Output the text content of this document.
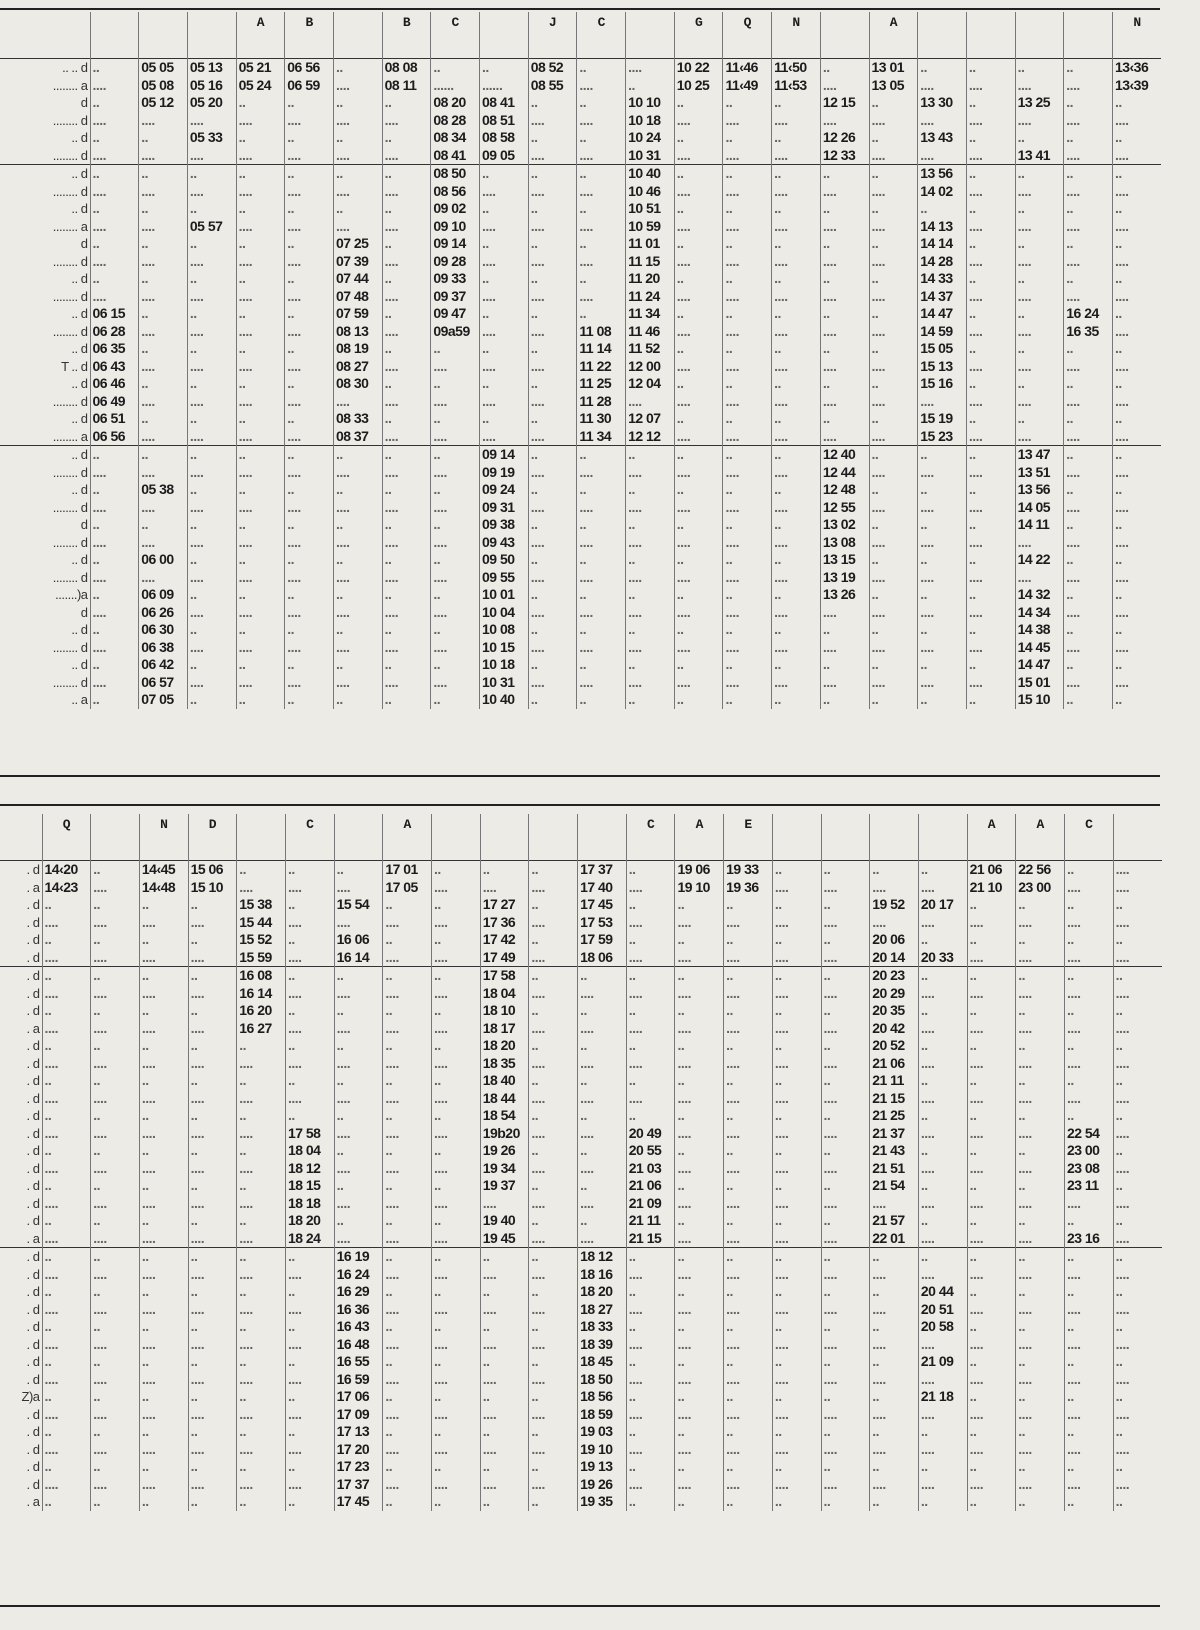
				A	B		B	C		J	C		G	Q	N		A					N
.. .. d	..	05 05	05 13	05 21	06 56	..	08 08	..	..	08 52	..	....	10 22	11‹46	11‹50	..	13 01	..	..	..	..	13‹36
........ a	....	05 08	05 16	05 24	06 59	....	08 11	......	......	08 55	....	..	10 25	11‹49	11‹53	....	13 05	....	....	....	....	13‹39
d	..	05 12	05 20	..	..	..	..	08 20	08 41	..	..	10 10	..	..	..	12 15	..	13 30	..	13 25	..	..
........ d	....	....	....	....	....	....	....	08 28	08 51	....	....	10 18	....	....	....	....	....	....	....	....	....	....
.. d	..	..	05 33	..	..	..	..	08 34	08 58	..	..	10 24	..	..	..	12 26	..	13 43	..	..	..	..
........ d	....	....	....	....	....	....	....	08 41	09 05	....	....	10 31	....	....	....	12 33	....	....	....	13 41	....	....
.. d	..	..	..	..	..	..	..	08 50	..	..	..	10 40	..	..	..	..	..	13 56	..	..	..	..
........ d	....	....	....	....	....	....	....	08 56	....	....	....	10 46	....	....	....	....	....	14 02	....	....	....	....
.. d	..	..	..	..	..	..	..	09 02	..	..	..	10 51	..	..	..	..	..	..	..	..	..	..
........ a	....	....	05 57	....	....	....	....	09 10	....	....	....	10 59	....	....	....	....	....	14 13	....	....	....	....
d	..	..	..	..	..	07 25	..	09 14	..	..	..	11 01	..	..	..	..	..	14 14	..	..	..	..
........ d	....	....	....	....	....	07 39	....	09 28	....	....	....	11 15	....	....	....	....	....	14 28	....	....	....	....
.. d	..	..	..	..	..	07 44	..	09 33	..	..	..	11 20	..	..	..	..	..	14 33	..	..	..	..
........ d	....	....	....	....	....	07 48	....	09 37	....	....	....	11 24	....	....	....	....	....	14 37	....	....	....	....
.. d	06 15	..	..	..	..	07 59	..	09 47	..	..	..	11 34	..	..	..	..	..	14 47	..	..	16 24	..
........ d	06 28	....	....	....	....	08 13	....	09a59	....	....	11 08	11 46	....	....	....	....	....	14 59	....	....	16 35	....
.. d	06 35	..	..	..	..	08 19	..	..	..	..	11 14	11 52	..	..	..	..	..	15 05	..	..	..	..
T .. d	06 43	....	....	....	....	08 27	....	....	....	....	11 22	12 00	....	....	....	....	....	15 13	....	....	....	....
.. d	06 46	..	..	..	..	08 30	..	..	..	..	11 25	12 04	..	..	..	..	..	15 16	..	..	..	..
........ d	06 49	....	....	....	....	....	....	....	....	....	11 28	....	....	....	....	....	....	....	....	....	....	....
.. d	06 51	..	..	..	..	08 33	..	..	..	..	11 30	12 07	..	..	..	..	..	15 19	..	..	..	..
........ a	06 56	....	....	....	....	08 37	....	....	....	....	11 34	12 12	....	....	....	....	....	15 23	....	....	....	....
.. d	..	..	..	..	..	..	..	..	09 14	..	..	..	..	..	..	12 40	..	..	..	13 47	..	..
........ d	....	....	....	....	....	....	....	....	09 19	....	....	....	....	....	....	12 44	....	....	....	13 51	....	....
.. d	..	05 38	..	..	..	..	..	..	09 24	..	..	..	..	..	..	12 48	..	..	..	13 56	..	..
........ d	....	....	....	....	....	....	....	....	09 31	....	....	....	....	....	....	12 55	....	....	....	14 05	....	....
d	..	..	..	..	..	..	..	..	09 38	..	..	..	..	..	..	13 02	..	..	..	14 11	..	..
........ d	....	....	....	....	....	....	....	....	09 43	....	....	....	....	....	....	13 08	....	....	....	....	....	....
.. d	..	06 00	..	..	..	..	..	..	09 50	..	..	..	..	..	..	13 15	..	..	..	14 22	..	..
........ d	....	....	....	....	....	....	....	....	09 55	....	....	....	....	....	....	13 19	....	....	....	....	....	....
.......)a	..	06 09	..	..	..	..	..	..	10 01	..	..	..	..	..	..	13 26	..	..	..	14 32	..	..
d	....	06 26	....	....	....	....	....	....	10 04	....	....	....	....	....	....	....	....	....	....	14 34	....	....
.. d	..	06 30	..	..	..	..	..	..	10 08	..	..	..	..	..	..	..	..	..	..	14 38	..	..
........ d	....	06 38	....	....	....	....	....	....	10 15	....	....	....	....	....	....	....	....	....	....	14 45	....	....
.. d	..	06 42	..	..	..	..	..	..	10 18	..	..	..	..	..	..	..	..	..	..	14 47	..	..
........ d	....	06 57	....	....	....	....	....	....	10 31	....	....	....	....	....	....	....	....	....	....	15 01	....	....
.. a	..	07 05	..	..	..	..	..	..	10 40	..	..	..	..	..	..	..	..	..	..	15 10	..	..
	Q		N	D		C		A					C	A	E					A	A	C	
. d	14‹20	..	14‹45	15 06	..	..	..	17 01	..	..	..	17 37	..	19 06	19 33	..	..	..	..	21 06	22 56	..	....
. a	14‹23	....	14‹48	15 10	....	....	....	17 05	....	....	....	17 40	....	19 10	19 36	....	....	....	....	21 10	23 00	....	....
. d	..	..	..	..	15 38	..	15 54	..	..	17 27	..	17 45	..	..	..	..	..	19 52	20 17	..	..	..	..
. d	....	....	....	....	15 44	....	....	....	....	17 36	....	17 53	....	....	....	....	....	....	....	....	....	....	....
. d	..	..	..	..	15 52	..	16 06	..	..	17 42	..	17 59	..	..	..	..	..	20 06	..	..	..	..	..
. d	....	....	....	....	15 59	....	16 14	....	....	17 49	....	18 06	....	....	....	....	....	20 14	20 33	....	....	....	....
. d	..	..	..	..	16 08	..	..	..	..	17 58	..	..	..	..	..	..	..	20 23	..	..	..	..	..
. d	....	....	....	....	16 14	....	....	....	....	18 04	....	....	....	....	....	....	....	20 29	....	....	....	....	....
. d	..	..	..	..	16 20	..	..	..	..	18 10	..	..	..	..	..	..	..	20 35	..	..	..	..	..
. a	....	....	....	....	16 27	....	....	....	....	18 17	....	....	....	....	....	....	....	20 42	....	....	....	....	....
. d	..	..	..	..	..	..	..	..	..	18 20	..	..	..	..	..	..	..	20 52	..	..	..	..	..
. d	....	....	....	....	....	....	....	....	....	18 35	....	....	....	....	....	....	....	21 06	....	....	....	....	....
. d	..	..	..	..	..	..	..	..	..	18 40	..	..	..	..	..	..	..	21 11	..	..	..	..	..
. d	....	....	....	....	....	....	....	....	....	18 44	....	....	....	....	....	....	....	21 15	....	....	....	....	....
. d	..	..	..	..	..	..	..	..	..	18 54	..	..	..	..	..	..	..	21 25	..	..	..	..	..
. d	....	....	....	....	....	17 58	....	....	....	19b20	....	....	20 49	....	....	....	....	21 37	....	....	....	22 54	....
. d	..	..	..	..	..	18 04	..	..	..	19 26	..	..	20 55	..	..	..	..	21 43	..	..	..	23 00	..
. d	....	....	....	....	....	18 12	....	....	....	19 34	....	....	21 03	....	....	....	....	21 51	....	....	....	23 08	....
. d	..	..	..	..	..	18 15	..	..	..	19 37	..	..	21 06	..	..	..	..	21 54	..	..	..	23 11	..
. d	....	....	....	....	....	18 18	....	....	....	....	....	....	21 09	....	....	....	....	....	....	....	....	....	....
. d	..	..	..	..	..	18 20	..	..	..	19 40	..	..	21 11	..	..	..	..	21 57	..	..	..	..	..
. a	....	....	....	....	....	18 24	....	....	....	19 45	....	....	21 15	....	....	....	....	22 01	....	....	....	23 16	....
. d	..	..	..	..	..	..	16 19	..	..	..	..	18 12	..	..	..	..	..	..	..	..	..	..	..
. d	....	....	....	....	....	....	16 24	....	....	....	....	18 16	....	....	....	....	....	....	....	....	....	....	....
. d	..	..	..	..	..	..	16 29	..	..	..	..	18 20	..	..	..	..	..	..	20 44	..	..	..	..
. d	....	....	....	....	....	....	16 36	....	....	....	....	18 27	....	....	....	....	....	....	20 51	....	....	....	....
. d	..	..	..	..	..	..	16 43	..	..	..	..	18 33	..	..	..	..	..	..	20 58	..	..	..	..
. d	....	....	....	....	....	....	16 48	....	....	....	....	18 39	....	....	....	....	....	....	....	....	....	....	....
. d	..	..	..	..	..	..	16 55	..	..	..	..	18 45	..	..	..	..	..	..	21 09	..	..	..	..
. d	....	....	....	....	....	....	16 59	....	....	....	....	18 50	....	....	....	....	....	....	....	....	....	....	....
Z)a	..	..	..	..	..	..	17 06	..	..	..	..	18 56	..	..	..	..	..	..	21 18	..	..	..	..
. d	....	....	....	....	....	....	17 09	....	....	....	....	18 59	....	....	....	....	....	....	....	....	....	....	....
. d	..	..	..	..	..	..	17 13	..	..	..	..	19 03	..	..	..	..	..	..	..	..	..	..	..
. d	....	....	....	....	....	....	17 20	....	....	....	....	19 10	....	....	....	....	....	....	....	....	....	....	....
. d	..	..	..	..	..	..	17 23	..	..	..	..	19 13	..	..	..	..	..	..	..	..	..	..	..
. d	....	....	....	....	....	....	17 37	....	....	....	....	19 26	....	....	....	....	....	....	....	....	....	....	....
. a	..	..	..	..	..	..	17 45	..	..	..	..	19 35	..	..	..	..	..	..	..	..	..	..	..
